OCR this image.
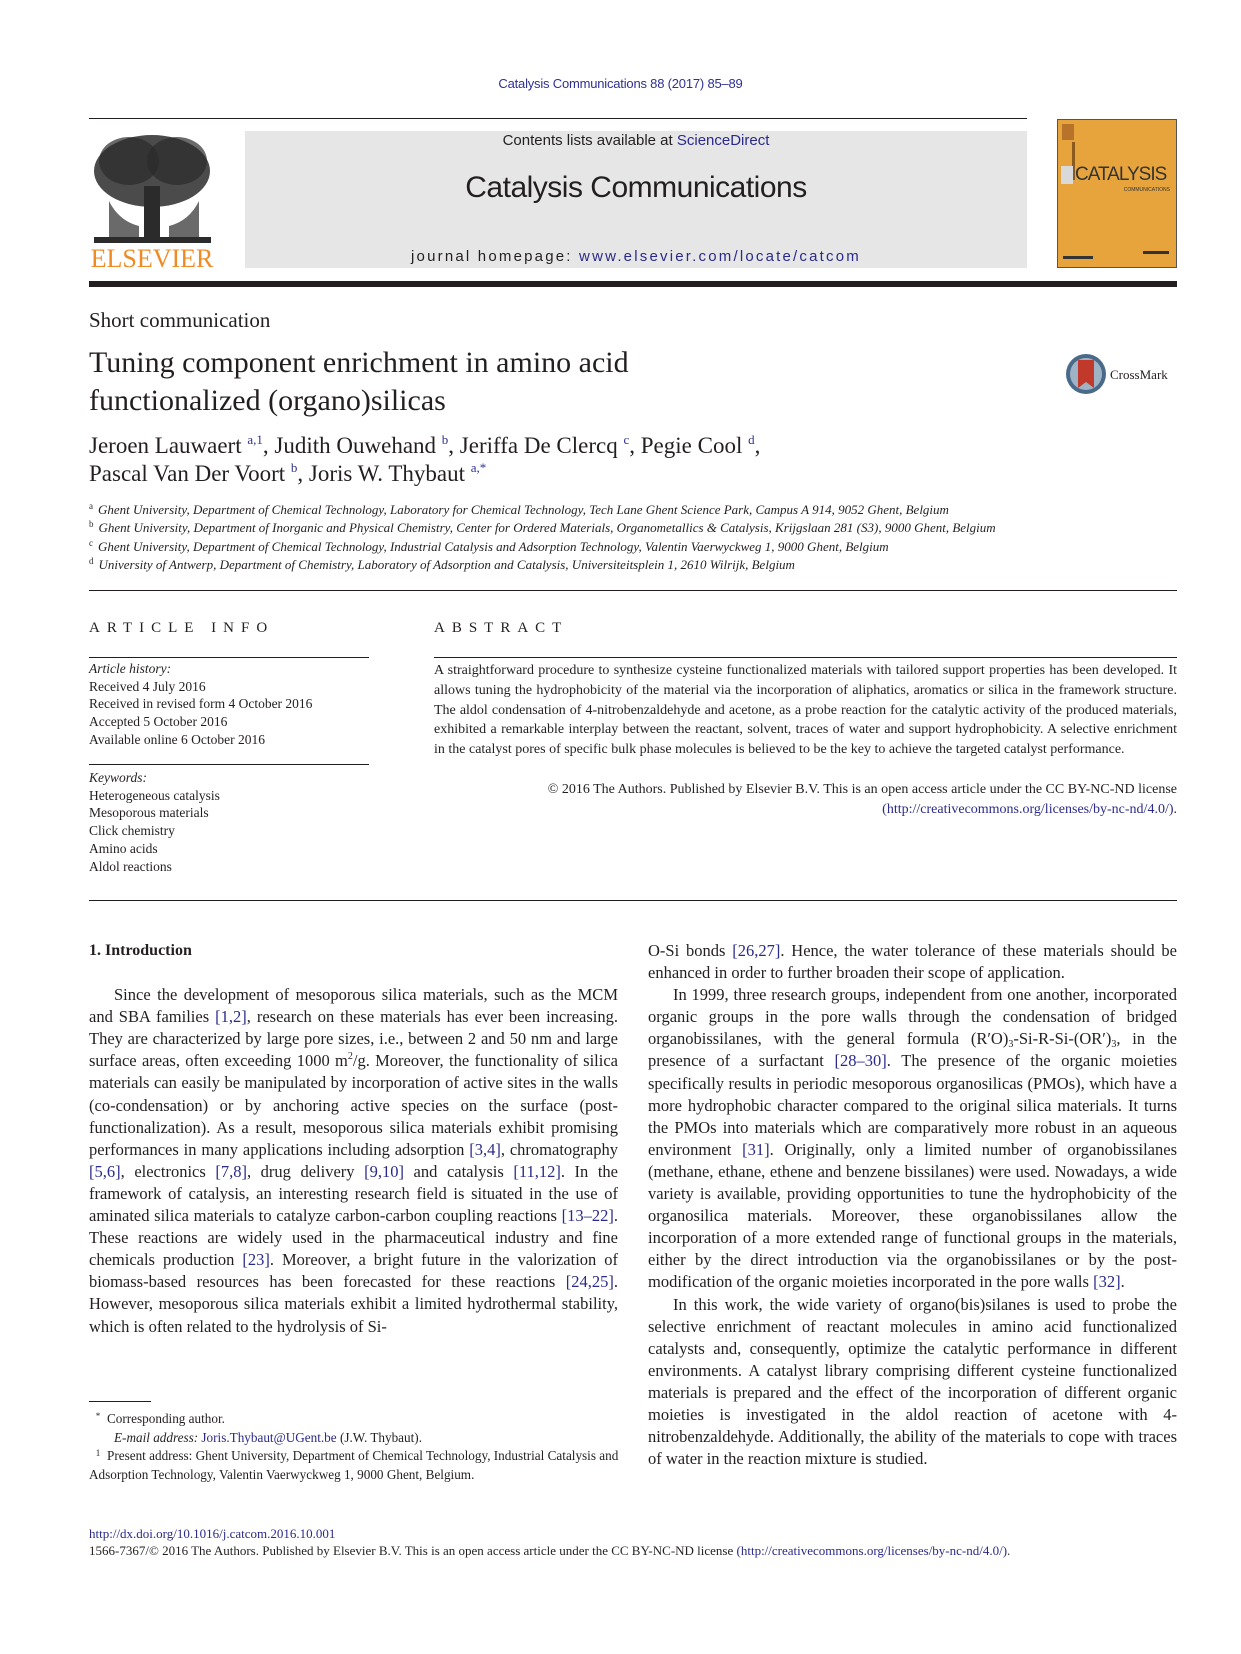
Catalysis Communications 88 (2017) 85–89
ELSEVIER
Contents lists available at ScienceDirect
Catalysis Communications
journal homepage: www.elsevier.com/locate/catcom
CATALYSIS
COMMUNICATIONS
Short communication
Tuning component enrichment in amino acid
functionalized (organo)silicas
CrossMark
Jeroen Lauwaert $^{a,1}$, Judith Ouwehand $^b$, Jeriffa De Clercq $^c$, Pegie Cool $^d$,
Pascal Van Der Voort $^b$, Joris W. Thybaut $^{a,*}$
$^a$ Ghent University, Department of Chemical Technology, Laboratory for Chemical Technology, Tech Lane Ghent Science Park, Campus A 914, 9052 Ghent, Belgium
$^b$ Ghent University, Department of Inorganic and Physical Chemistry, Center for Ordered Materials, Organometallics & Catalysis, Krijgslaan 281 (S3), 9000 Ghent, Belgium
$^c$ Ghent University, Department of Chemical Technology, Industrial Catalysis and Adsorption Technology, Valentin Vaerwyckweg 1, 9000 Ghent, Belgium
$^d$ University of Antwerp, Department of Chemistry, Laboratory of Adsorption and Catalysis, Universiteitsplein 1, 2610 Wilrijk, Belgium
ARTICLE INFO
Article history:
Received 4 July 2016
Received in revised form 4 October 2016
Accepted 5 October 2016
Available online 6 October 2016
Keywords:
Heterogeneous catalysis
Mesoporous materials
Click chemistry
Amino acids
Aldol reactions
ABSTRACT
A straightforward procedure to synthesize cysteine functionalized materials with tailored support properties has been developed. It allows tuning the hydrophobicity of the material via the incorporation of aliphatics, aromatics or silica in the framework structure. The aldol condensation of 4-nitrobenzaldehyde and acetone, as a probe reaction for the catalytic activity of the produced materials, exhibited a remarkable interplay between the reactant, solvent, traces of water and support hydrophobicity. A selective enrichment in the catalyst pores of specific bulk phase molecules is believed to be the key to achieve the targeted catalyst performance.
© 2016 The Authors. Published by Elsevier B.V. This is an open access article under the CC BY-NC-ND license
(http://creativecommons.org/licenses/by-nc-nd/4.0/).

1. Introduction

Since the development of mesoporous silica materials, such as the MCM and SBA families [1,2], research on these materials has ever been increasing. They are characterized by large pore sizes, i.e., between 2 and 50 nm and large surface areas, often exceeding 1000 $m^2/g$. Moreover, the functionality of silica materials can easily be manipulated by incorporation of active sites in the walls (co-condensation) or by anchoring active species on the surface (post-functionalization). As a result, mesoporous silica materials exhibit promising performances in many applications including adsorption [3,4], chromatography [5,6], electronics [7,8], drug delivery [9,10] and catalysis [11,12]. In the framework of catalysis, an interesting research field is situated in the use of aminated silica materials to catalyze carbon-carbon coupling reactions [13–22]. These reactions are widely used in the pharmaceutical industry and fine chemicals production [23]. Moreover, a bright future in the valorization of biomass-based resources has been forecasted for these reactions [24,25]. However, mesoporous silica materials exhibit a limited hydrothermal stability, which is often related to the hydrolysis of Si-

O-Si bonds [26,27]. Hence, the water tolerance of these materials should be enhanced in order to further broaden their scope of application.

In 1999, three research groups, independent from one another, incorporated organic groups in the pore walls through the condensation of bridged organobissilanes, with the general formula $(R'O)_3-Si-R-Si-(OR')_3$, in the presence of a surfactant [28–30]. The presence of the organic moieties specifically results in periodic mesoporous organosilicas (PMOs), which have a more hydrophobic character compared to the original silica materials. It turns the PMOs into materials which are comparatively more robust in an aqueous environment [31]. Originally, only a limited number of organobissilanes (methane, ethane, ethene and benzene bissilanes) were used. Nowadays, a wide variety is available, providing opportunities to tune the hydrophobicity of the organosilica materials. Moreover, these organobissilanes allow the incorporation of a more extended range of functional groups in the materials, either by the direct introduction via the organobissilanes or by the post-modification of the organic moieties incorporated in the pore walls [32].

In this work, the wide variety of organo(bis)silanes is used to probe the selective enrichment of reactant molecules in amino acid functionalized catalysts and, consequently, optimize the catalytic performance in different environments. A catalyst library comprising different cysteine functionalized materials is prepared and the effect of the incorporation of different organic moieties is investigated in the aldol reaction of acetone with 4-nitrobenzaldehyde. Additionally, the ability of the materials to cope with traces of water in the reaction mixture is studied.

* Corresponding author.
E-mail address: Joris.Thybaut@UGent.be (J.W. Thybaut).
1 Present address: Ghent University, Department of Chemical Technology, Industrial Catalysis and Adsorption Technology, Valentin Vaerwyckweg 1, 9000 Ghent, Belgium.
http://dx.doi.org/10.1016/j.catcom.2016.10.001
1566-7367/© 2016 The Authors. Published by Elsevier B.V. This is an open access article under the CC BY-NC-ND license (http://creativecommons.org/licenses/by-nc-nd/4.0/).
